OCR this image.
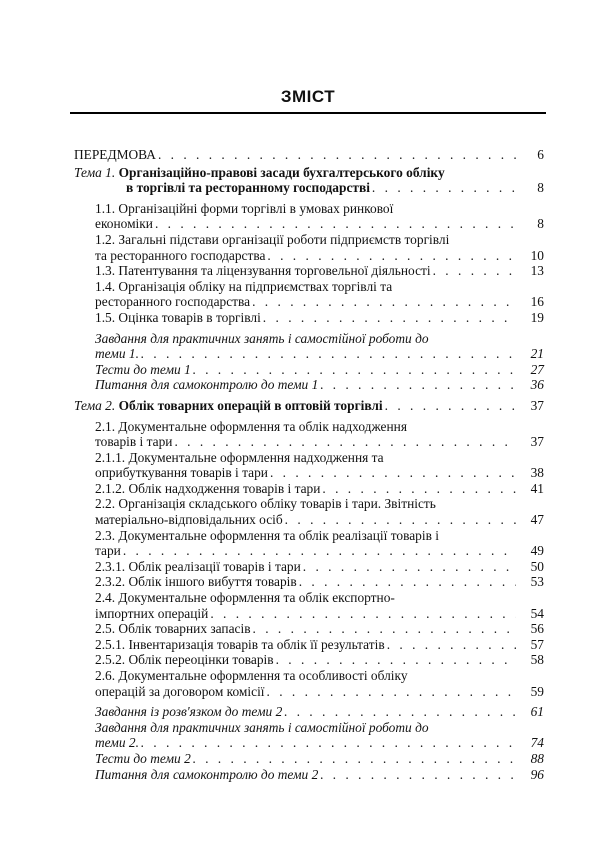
ЗМІСТ
ПЕРЕДМОВА . . .	6
Тема 1. Організаційно-правові засади бухгалтерського обліку
в торгівлі та ресторанному господарстві . . .	8
1.1. Організаційні форми торгівлі в умовах ринкової
економіки . . .	8
1.2. Загальні підстави організації роботи підприємств торгівлі
та ресторанного господарства . . .	10
1.3. Патентування та ліцензування торговельної діяльності . . .	13
1.4. Організація обліку на підприємствах торгівлі та
ресторанного господарства . . .	16
1.5. Оцінка товарів в торгівлі . . .	19
Завдання для практичних занять і самостійної роботи до
теми 1. . . .	21
Тести до теми 1 . . .	27
Питання для самоконтролю до теми 1 . . .	36
Тема 2. Облік товарних операцій в оптовій торгівлі . . .	37
2.1. Документальне оформлення та облік надходження
товарів і тари . . .	37
2.1.1. Документальне оформлення надходження та
оприбуткування товарів і тари . . .	38
2.1.2. Облік надходження товарів і тари . . .	41
2.2. Організація складського обліку товарів і тари. Звітність
матеріально-відповідальних осіб . . .	47
2.3. Документальне оформлення та облік реалізації товарів і
тари . . .	49
2.3.1. Облік реалізації товарів і тари . . .	50
2.3.2. Облік іншого вибуття товарів . . .	53
2.4. Документальне оформлення та облік експортно-
імпортних операцій . . .	54
2.5. Облік товарних запасів . . .	56
2.5.1. Інвентаризація товарів та облік її результатів . . .	57
2.5.2. Облік переоцінки товарів . . .	58
2.6. Документальне оформлення та особливості обліку
операцій за договором комісії . . .	59
Завдання із розв'язком до теми 2 . . .	61
Завдання для практичних занять і самостійної роботи до
теми 2. . . .	74
Тести до теми 2 . . .	88
Питання для самоконтролю до теми 2 . . .	96
